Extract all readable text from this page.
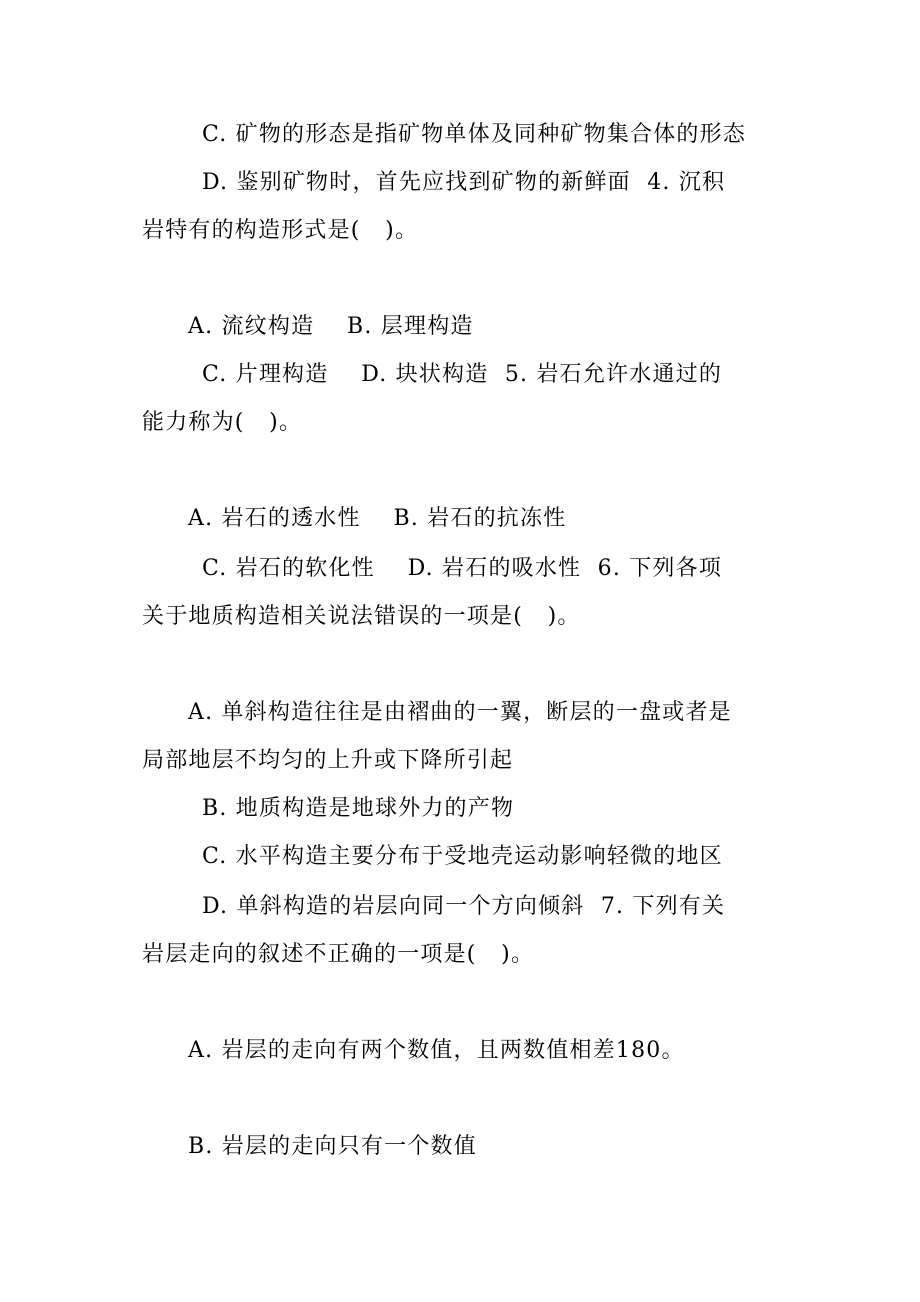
C. 矿物的形态是指矿物单体及同种矿物集合体的形态
D. 鉴别矿物时，首先应找到矿物的新鲜面  4. 沉积
岩特有的构造形式是(   )。
A. 流纹构造    B. 层理构造
C. 片理构造    D. 块状构造  5. 岩石允许水通过的
能力称为(   )。
A. 岩石的透水性    B. 岩石的抗冻性
C. 岩石的软化性    D. 岩石的吸水性  6. 下列各项
关于地质构造相关说法错误的一项是(   )。
A. 单斜构造往往是由褶曲的一翼，断层的一盘或者是
局部地层不均匀的上升或下降所引起
B. 地质构造是地球外力的产物
C. 水平构造主要分布于受地壳运动影响轻微的地区
D. 单斜构造的岩层向同一个方向倾斜  7. 下列有关
岩层走向的叙述不正确的一项是(   )。
A. 岩层的走向有两个数值，且两数值相差180。
B. 岩层的走向只有一个数值
